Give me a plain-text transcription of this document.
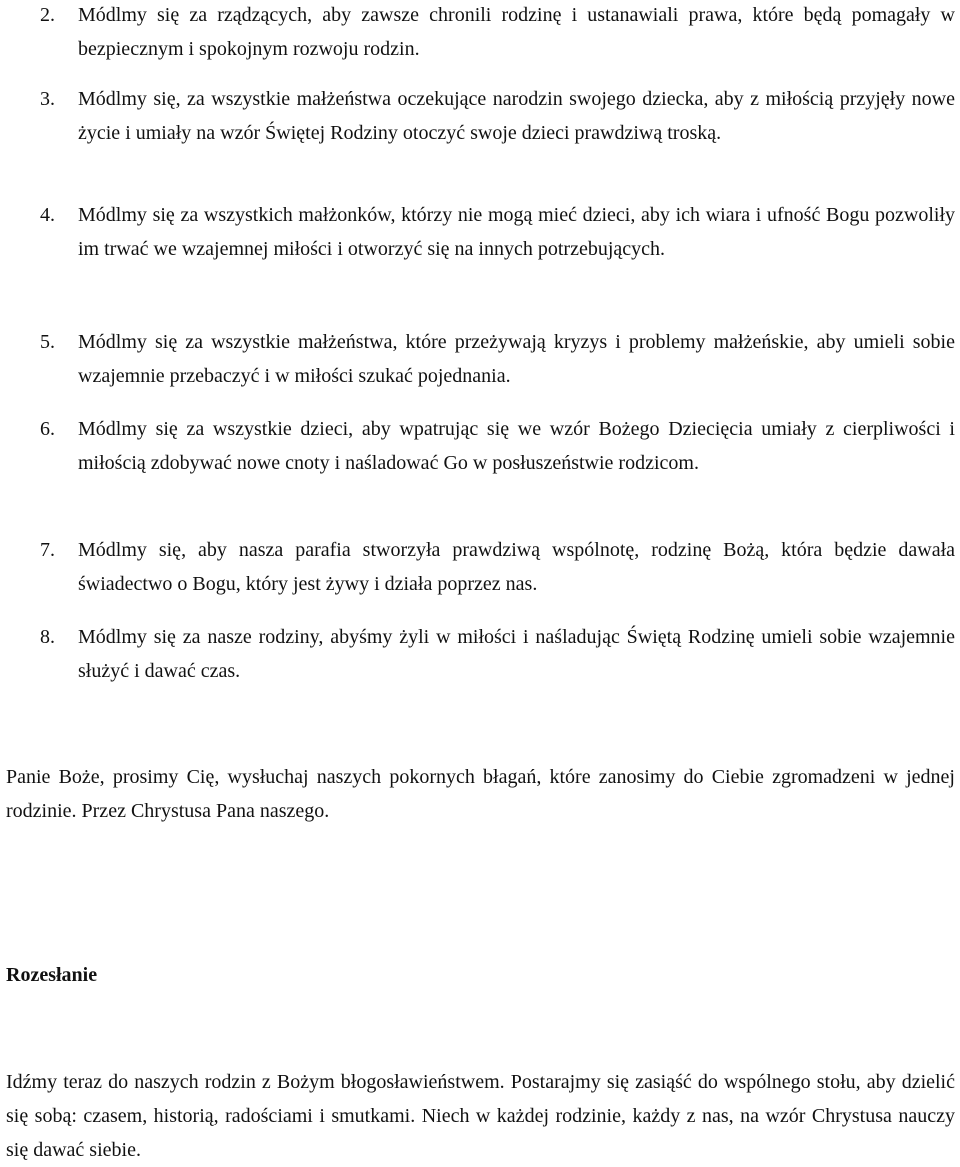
2. Módlmy się za rządzących, aby zawsze chronili rodzinę i ustanawiali prawa, które będą pomagały w bezpiecznym i spokojnym rozwoju rodzin.

3. Módlmy się, za wszystkie małżeństwa oczekujące narodzin swojego dziecka, aby z miłością przyjęły nowe życie i umiały na wzór Świętej Rodziny otoczyć swoje dzieci prawdziwą troską.

4. Módlmy się za wszystkich małżonków, którzy nie mogą mieć dzieci, aby ich wiara i ufność Bogu pozwoliły im trwać we wzajemnej miłości i otworzyć się na innych potrzebujących.

5. Módlmy się za wszystkie małżeństwa, które przeżywają kryzys i problemy małżeńskie, aby umieli sobie wzajemnie przebaczyć i w miłości szukać pojednania.

6. Módlmy się za wszystkie dzieci, aby wpatrując się we wzór Bożego Dziecięcia umiały z cierpliwości i miłością zdobywać nowe cnoty i naśladować Go w posłuszeństwie rodzicom.

7. Módlmy się, aby nasza parafia stworzyła prawdziwą wspólnotę, rodzinę Bożą, która będzie dawała świadectwo o Bogu, który jest żywy i działa poprzez nas.

8. Módlmy się za nasze rodziny, abyśmy żyli w miłości i naśladując Świętą Rodzinę umieli sobie wzajemnie służyć i dawać czas.

Panie Boże, prosimy Cię, wysłuchaj naszych pokornych błagań, które zanosimy do Ciebie zgromadzeni w jednej rodzinie. Przez Chrystusa Pana naszego.

Rozesłanie

Idźmy teraz do naszych rodzin z Bożym błogosławieństwem. Postarajmy się zasiąść do wspólnego stołu, aby dzielić się sobą: czasem, historią, radościami i smutkami. Niech w każdej rodzinie, każdy z nas, na wzór Chrystusa nauczy się dawać siebie.
